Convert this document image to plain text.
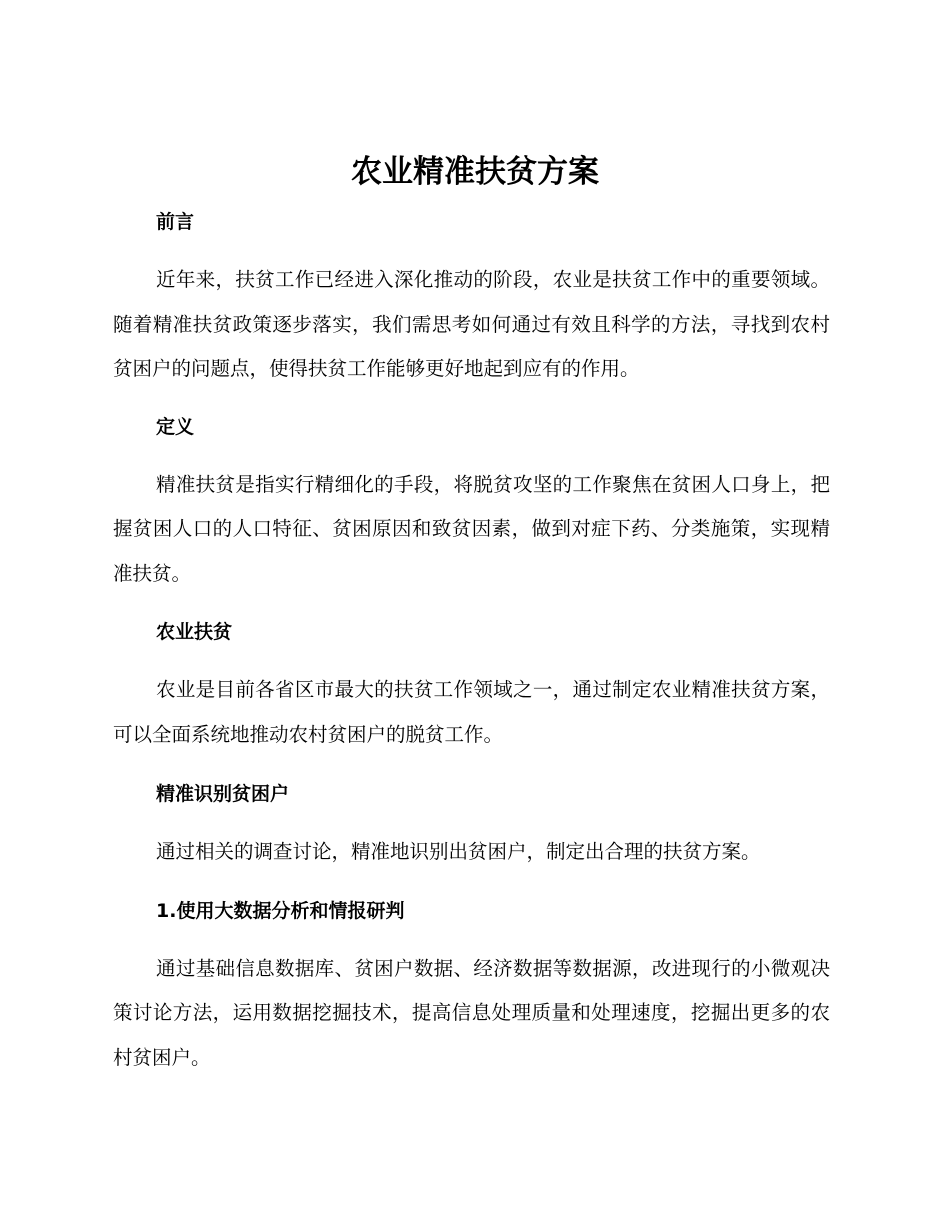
农业精准扶贫方案

前言

近年来，扶贫工作已经进入深化推动的阶段，农业是扶贫工作中的重要领域。随着精准扶贫政策逐步落实，我们需思考如何通过有效且科学的方法，寻找到农村贫困户的问题点，使得扶贫工作能够更好地起到应有的作用。

定义

精准扶贫是指实行精细化的手段，将脱贫攻坚的工作聚焦在贫困人口身上，把握贫困人口的人口特征、贫困原因和致贫因素，做到对症下药、分类施策，实现精准扶贫。

农业扶贫

农业是目前各省区市最大的扶贫工作领域之一，通过制定农业精准扶贫方案，可以全面系统地推动农村贫困户的脱贫工作。

精准识别贫困户

通过相关的调查讨论，精准地识别出贫困户，制定出合理的扶贫方案。

1.使用大数据分析和情报研判

通过基础信息数据库、贫困户数据、经济数据等数据源，改进现行的小微观决策讨论方法，运用数据挖掘技术，提高信息处理质量和处理速度，挖掘出更多的农村贫困户。
